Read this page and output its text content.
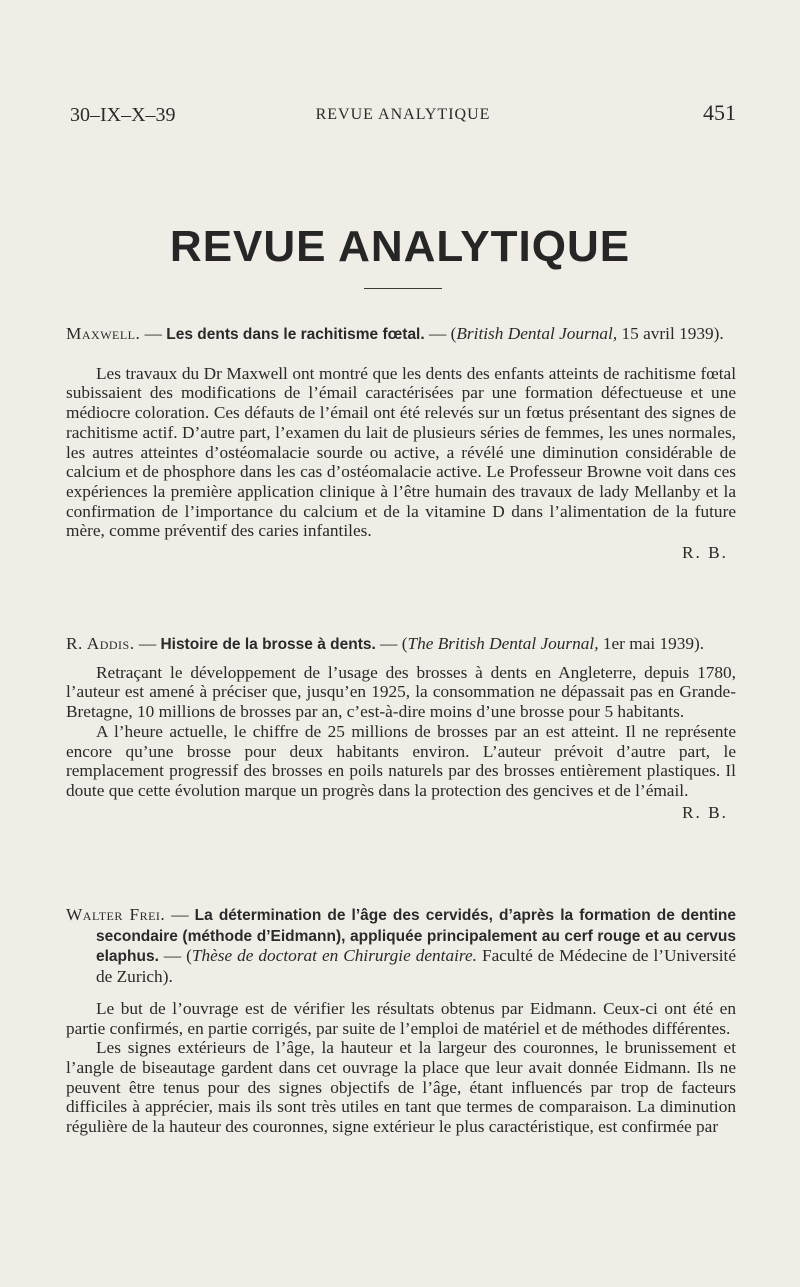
30–IX–X–39	REVUE ANALYTIQUE	451
REVUE ANALYTIQUE
Maxwell. — Les dents dans le rachitisme fœtal. — (British Dental Journal, 15 avril 1939).

Les travaux du Dr Maxwell ont montré que les dents des enfants atteints de rachitisme fœtal subissaient des modifications de l’émail caractérisées par une formation défectueuse et une médiocre coloration. Ces défauts de l’émail ont été relevés sur un fœtus présentant des signes de rachitisme actif. D’autre part, l’examen du lait de plusieurs séries de femmes, les unes normales, les autres atteintes d’ostéomalacie sourde ou active, a révélé une diminution considérable de calcium et de phosphore dans les cas d’ostéomalacie active. Le Professeur Browne voit dans ces expériences la première application clinique à l’être humain des travaux de lady Mellanby et la confirmation de l’importance du calcium et de la vitamine D dans l’alimentation de la future mère, comme préventif des caries infantiles.

R. B.
R. Addis. — Histoire de la brosse à dents. — (The British Dental Journal, 1er mai 1939).

Retraçant le développement de l’usage des brosses à dents en Angleterre, depuis 1780, l’auteur est amené à préciser que, jusqu’en 1925, la consommation ne dépassait pas en Grande-Bretagne, 10 millions de brosses par an, c’est-à-dire moins d’une brosse pour 5 habitants.

A l’heure actuelle, le chiffre de 25 millions de brosses par an est atteint. Il ne représente encore qu’une brosse pour deux habitants environ. L’auteur prévoit d’autre part, le remplacement progressif des brosses en poils naturels par des brosses entièrement plastiques. Il doute que cette évolution marque un progrès dans la protection des gencives et de l’émail.

R. B.
Walter Frei. — La détermination de l’âge des cervidés, d’après la formation de dentine secondaire (méthode d’Eidmann), appliquée principalement au cerf rouge et au cervus elaphus. — (Thèse de doctorat en Chirurgie dentaire. Faculté de Médecine de l’Université de Zurich).

Le but de l’ouvrage est de vérifier les résultats obtenus par Eidmann. Ceux-ci ont été en partie confirmés, en partie corrigés, par suite de l’emploi de matériel et de méthodes différentes.

Les signes extérieurs de l’âge, la hauteur et la largeur des couronnes, le brunissement et l’angle de biseautage gardent dans cet ouvrage la place que leur avait donnée Eidmann. Ils ne peuvent être tenus pour des signes objectifs de l’âge, étant influencés par trop de facteurs difficiles à apprécier, mais ils sont très utiles en tant que termes de comparaison. La diminution régulière de la hauteur des couronnes, signe extérieur le plus caractéristique, est confirmée par
